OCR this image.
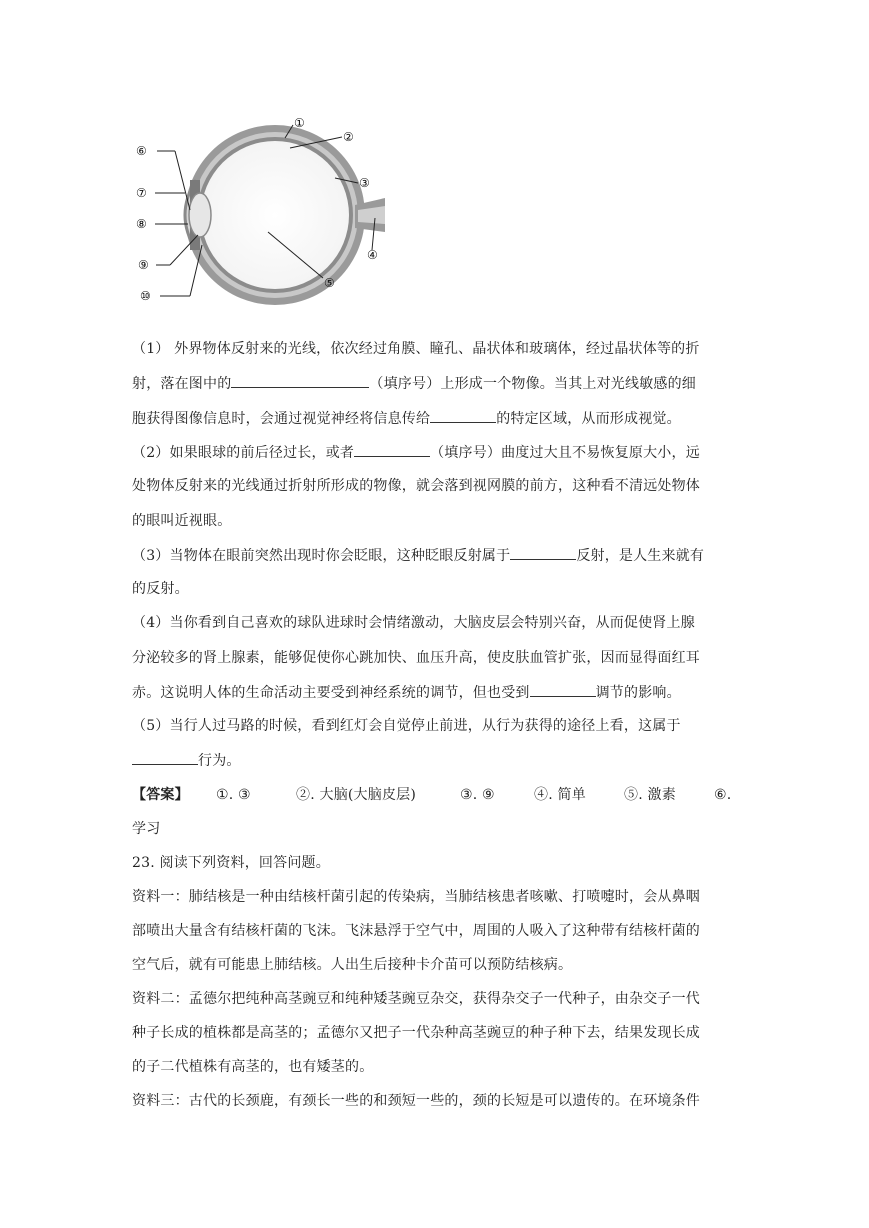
①
②
③
④
⑤
⑥
⑦
⑧
⑨
⑩
（1） 外界物体反射来的光线，依次经过角膜、瞳孔、晶状体和玻璃体，经过晶状体等的折
射，落在图中的	（填序号）上形成一个物像。当其上对光线敏感的细
胞获得图像信息时，会通过视觉神经将信息传给	的特定区域，从而形成视觉。
（2）如果眼球的前后径过长，或者	（填序号）曲度过大且不易恢复原大小，远
处物体反射来的光线通过折射所形成的物像，就会落到视网膜的前方，这种看不清远处物体
的眼叫近视眼。
（3）当物体在眼前突然出现时你会眨眼，这种眨眼反射属于	反射，是人生来就有
的反射。
（4）当你看到自己喜欢的球队进球时会情绪激动，大脑皮层会特别兴奋，从而促使肾上腺
分泌较多的肾上腺素，能够促使你心跳加快、血压升高，使皮肤血管扩张，因而显得面红耳
赤。这说明人体的生命活动主要受到神经系统的调节，但也受到	调节的影响。
（5）当行人过马路的时候，看到红灯会自觉停止前进，从行为获得的途径上看，这属于
行为。
【答案】 ①. ③	②. 大脑(大脑皮层)	③. ⑨	④. 简单	⑤. 激素	⑥.
学习
23. 阅读下列资料，回答问题。
资料一：肺结核是一种由结核杆菌引起的传染病，当肺结核患者咳嗽、打喷嚏时，会从鼻咽
部喷出大量含有结核杆菌的飞沫。飞沫悬浮于空气中，周围的人吸入了这种带有结核杆菌的
空气后，就有可能患上肺结核。人出生后接种卡介苗可以预防结核病。
资料二：孟德尔把纯种高茎豌豆和纯种矮茎豌豆杂交，获得杂交子一代种子，由杂交子一代
种子长成的植株都是高茎的；孟德尔又把子一代杂种高茎豌豆的种子种下去，结果发现长成
的子二代植株有高茎的，也有矮茎的。
资料三：古代的长颈鹿，有颈长一些的和颈短一些的，颈的长短是可以遗传的。在环境条件
